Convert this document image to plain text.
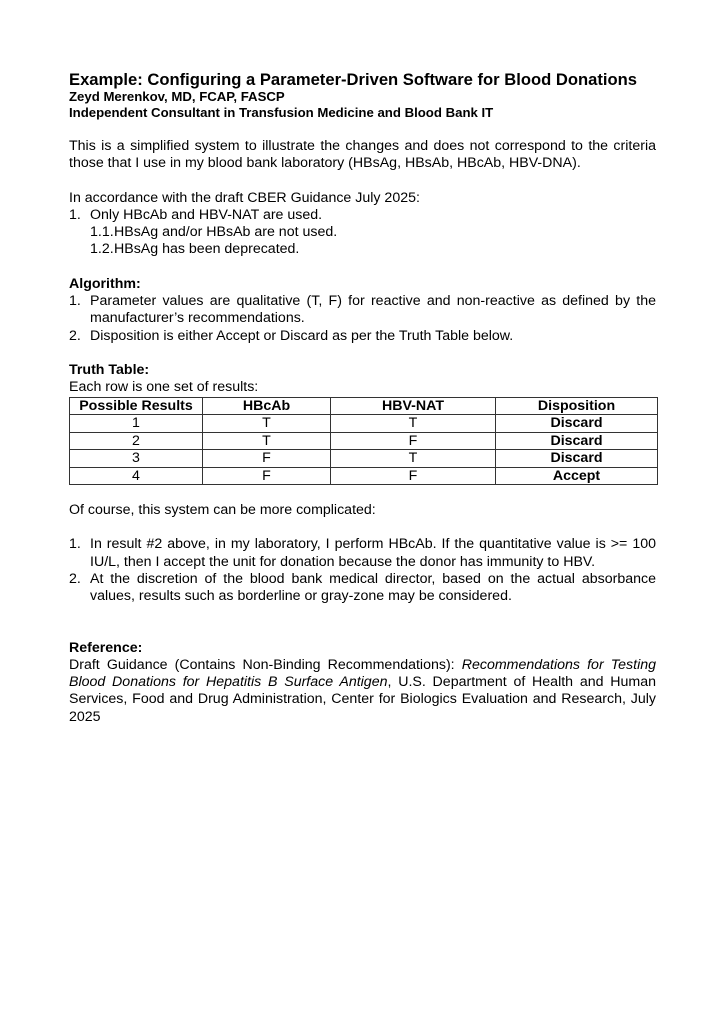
Example: Configuring a Parameter-Driven Software for Blood Donations

Zeyd Merenkov, MD, FCAP, FASCP

Independent Consultant in Transfusion Medicine and Blood Bank IT

This is a simplified system to illustrate the changes and does not correspond to the criteria those that I use in my blood bank laboratory (HBsAg, HBsAb, HBcAb, HBV-DNA).

In accordance with the draft CBER Guidance July 2025:

1. Only HBcAb and HBV-NAT are used.
1.1. HBsAg and/or HBsAb are not used.
1.2. HBsAg has been deprecated.

Algorithm:

1. Parameter values are qualitative (T, F) for reactive and non-reactive as defined by the manufacturer’s recommendations.
2. Disposition is either Accept or Discard as per the Truth Table below.

Truth Table:

Each row is one set of results:

Possible Results	HBcAb	HBV-NAT	Disposition
1	T	T	Discard
2	T	F	Discard
3	F	T	Discard
4	F	F	Accept

Of course, this system can be more complicated:

1. In result #2 above, in my laboratory, I perform HBcAb. If the quantitative value is >= 100 IU/L, then I accept the unit for donation because the donor has immunity to HBV.
2. At the discretion of the blood bank medical director, based on the actual absorbance values, results such as borderline or gray-zone may be considered.

Reference:

Draft Guidance (Contains Non-Binding Recommendations): Recommendations for Testing Blood Donations for Hepatitis B Surface Antigen, U.S. Department of Health and Human Services, Food and Drug Administration, Center for Biologics Evaluation and Research, July 2025
